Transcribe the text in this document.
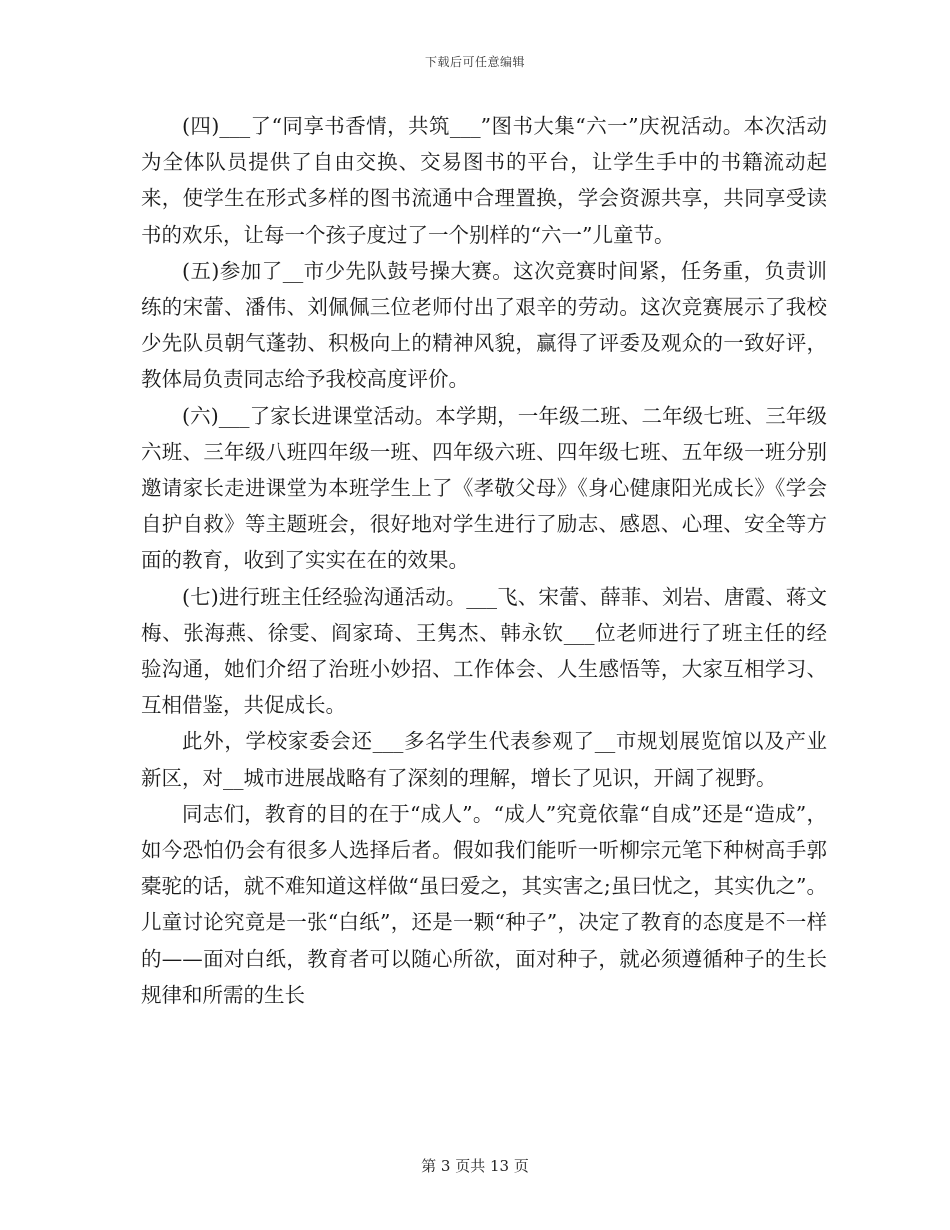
下载后可任意编辑

(四)___了“同享书香情，共筑___”图书大集“六一”庆祝活动。本次活动为全体队员提供了自由交换、交易图书的平台，让学生手中的书籍流动起来，使学生在形式多样的图书流通中合理置换，学会资源共享，共同享受读书的欢乐，让每一个孩子度过了一个别样的“六一”儿童节。

(五)参加了__市少先队鼓号操大赛。这次竞赛时间紧，任务重，负责训练的宋蕾、潘伟、刘佩佩三位老师付出了艰辛的劳动。这次竞赛展示了我校少先队员朝气蓬勃、积极向上的精神风貌，赢得了评委及观众的一致好评，教体局负责同志给予我校高度评价。

(六)___了家长进课堂活动。本学期，一年级二班、二年级七班、三年级六班、三年级八班四年级一班、四年级六班、四年级七班、五年级一班分别邀请家长走进课堂为本班学生上了《孝敬父母》《身心健康阳光成长》《学会自护自救》等主题班会，很好地对学生进行了励志、感恩、心理、安全等方面的教育，收到了实实在在的效果。

(七)进行班主任经验沟通活动。___飞、宋蕾、薛菲、刘岩、唐霞、蒋文梅、张海燕、徐雯、阎家琦、王隽杰、韩永钦___位老师进行了班主任的经验沟通，她们介绍了治班小妙招、工作体会、人生感悟等，大家互相学习、互相借鉴，共促成长。

此外，学校家委会还___多名学生代表参观了__市规划展览馆以及产业新区，对__城市进展战略有了深刻的理解，增长了见识，开阔了视野。

同志们，教育的目的在于“成人”。“成人”究竟依靠“自成”还是“造成”，如今恐怕仍会有很多人选择后者。假如我们能听一听柳宗元笔下种树高手郭橐驼的话，就不难知道这样做“虽曰爱之，其实害之;虽曰忧之，其实仇之”。儿童讨论究竟是一张“白纸”，还是一颗“种子”，决定了教育的态度是不一样的——面对白纸，教育者可以随心所欲，面对种子，就必须遵循种子的生长规律和所需的生长

第 3 页共 13 页
